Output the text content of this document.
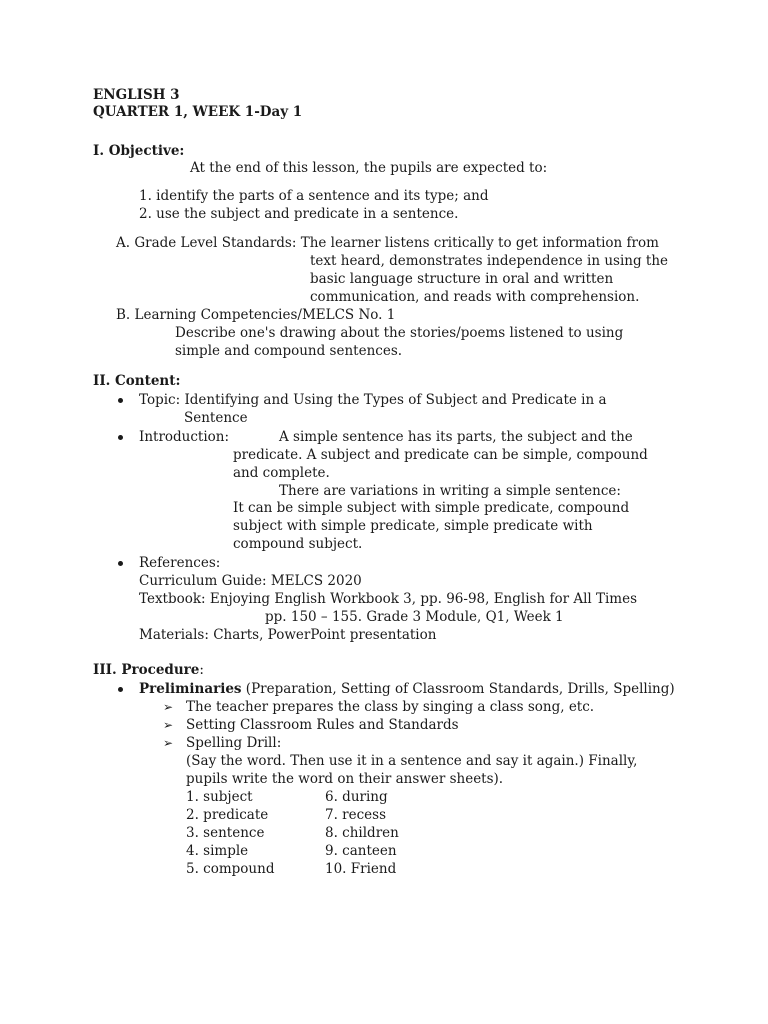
ENGLISH 3
QUARTER 1, WEEK 1-Day 1
I. Objective:
At the end of this lesson, the pupils are expected to:
1. identify the parts of a sentence and its type; and
2. use the subject and predicate in a sentence.
A. Grade Level Standards: The learner listens critically to get information from
text heard, demonstrates independence in using the
basic language structure in oral and written
communication, and reads with comprehension.
B. Learning Competencies/MELCS No. 1
Describe one's drawing about the stories/poems listened to using
simple and compound sentences.
II. Content:
Topic: Identifying and Using the Types of Subject and Predicate in a
Sentence
Introduction:	A simple sentence has its parts, the subject and the
predicate. A subject and predicate can be simple, compound
and complete.
There are variations in writing a simple sentence:
It can be simple subject with simple predicate, compound
subject with simple predicate, simple predicate with
compound subject.
References:
Curriculum Guide: MELCS 2020
Textbook: Enjoying English Workbook 3, pp. 96-98, English for All Times
pp. 150 – 155. Grade 3 Module, Q1, Week 1
Materials: Charts, PowerPoint presentation
III. Procedure:
Preliminaries (Preparation, Setting of Classroom Standards, Drills, Spelling)
➢ The teacher prepares the class by singing a class song, etc.
➢ Setting Classroom Rules and Standards
➢ Spelling Drill:
(Say the word. Then use it in a sentence and say it again.) Finally,
pupils write the word on their answer sheets).
1. subject
2. predicate
3. sentence
4. simple
5. compound
6. during
7. recess
8. children
9. canteen
10. Friend
